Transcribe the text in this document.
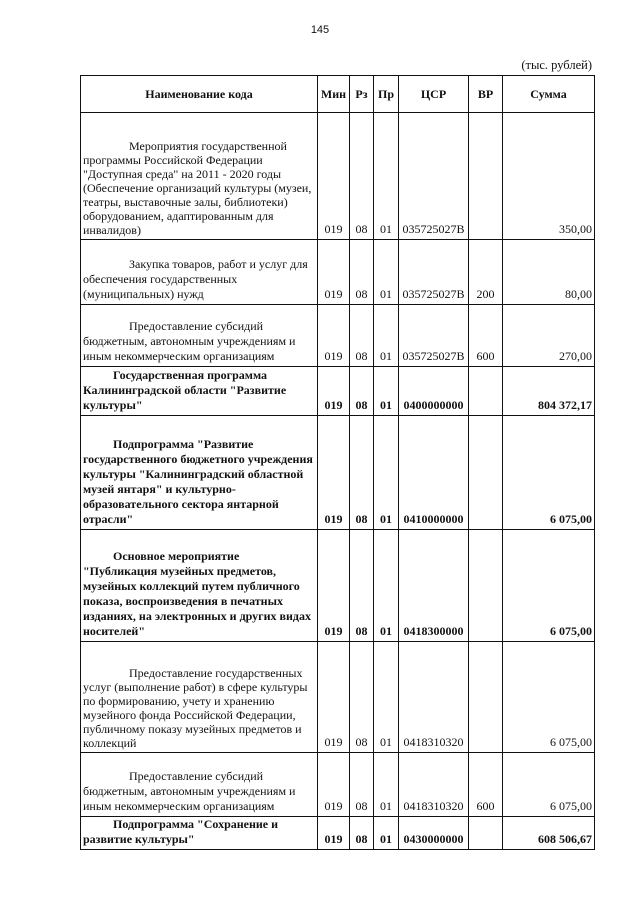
145
(тыс. рублей)
Наименование кода	Мин	Рз	Пр	ЦСР	ВР	Сумма

Мероприятия государственной программы Российской Федерации "Доступная среда" на 2011 - 2020 годы (Обеспечение организаций культуры (музеи, театры, выставочные залы, библиотеки) оборудованием, адаптированным для инвалидов)	019	08	01	035725027В		350,00

Закупка товаров, работ и услуг для обеспечения государственных (муниципальных) нужд	019	08	01	035725027В	200	80,00

Предоставление субсидий бюджетным, автономным учреждениям и иным некоммерческим организациям	019	08	01	035725027В	600	270,00

Государственная программа Калининградской области "Развитие культуры"	019	08	01	0400000000		804 372,17

Подпрограмма "Развитие государственного бюджетного учреждения культуры "Калининградский областной музей янтаря" и культурно-образовательного сектора янтарной отрасли"	019	08	01	0410000000		6 075,00

Основное мероприятие "Публикация музейных предметов, музейных коллекций путем публичного показа, воспроизведения в печатных изданиях, на электронных и других видах носителей"	019	08	01	0418300000		6 075,00

Предоставление государственных услуг (выполнение работ) в сфере культуры по формированию, учету и хранению музейного фонда Российской Федерации, публичному показу музейных предметов и коллекций	019	08	01	0418310320		6 075,00

Предоставление субсидий бюджетным, автономным учреждениям и иным некоммерческим организациям	019	08	01	0418310320	600	6 075,00

Подпрограмма "Сохранение и развитие культуры"	019	08	01	0430000000		608 506,67
